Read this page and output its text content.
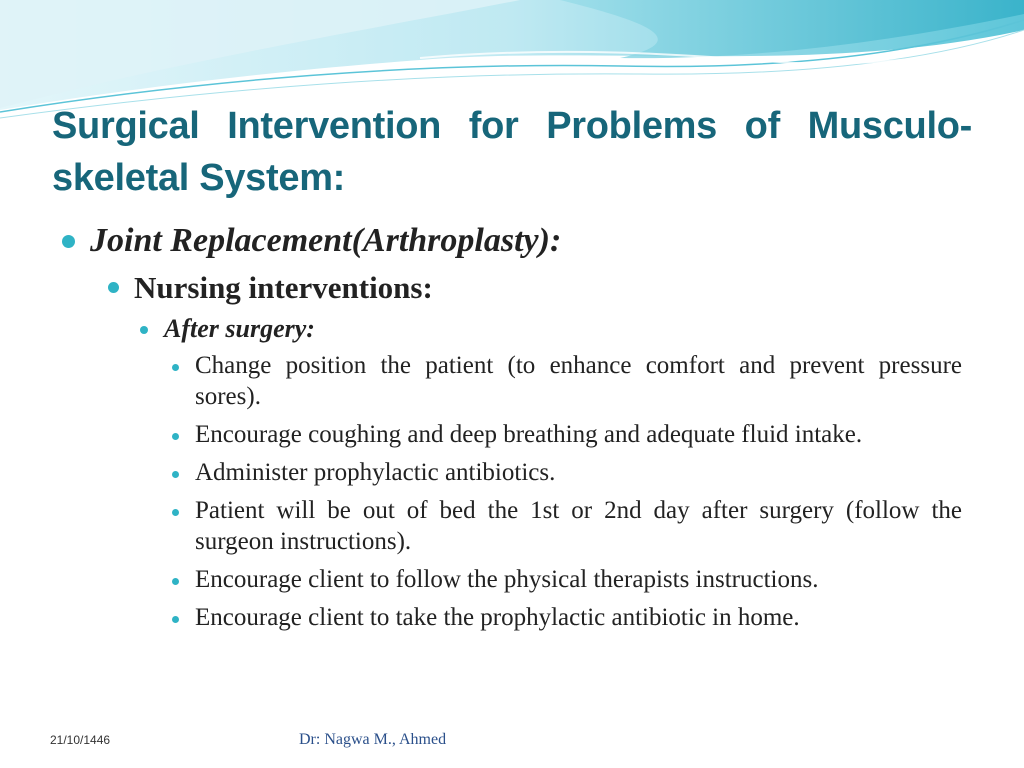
Surgical Intervention for Problems of Musculo-skeletal System:
Joint Replacement(Arthroplasty):
Nursing interventions:
After surgery:
Change position the patient (to enhance comfort and prevent pressure sores).
Encourage coughing and deep breathing and adequate fluid intake.
Administer prophylactic antibiotics.
Patient will be out of bed the 1st or 2nd day after surgery (follow the surgeon instructions).
Encourage client to follow the physical therapists instructions.
Encourage client to take the prophylactic antibiotic in home.
21/10/1446	Dr: Nagwa M., Ahmed
